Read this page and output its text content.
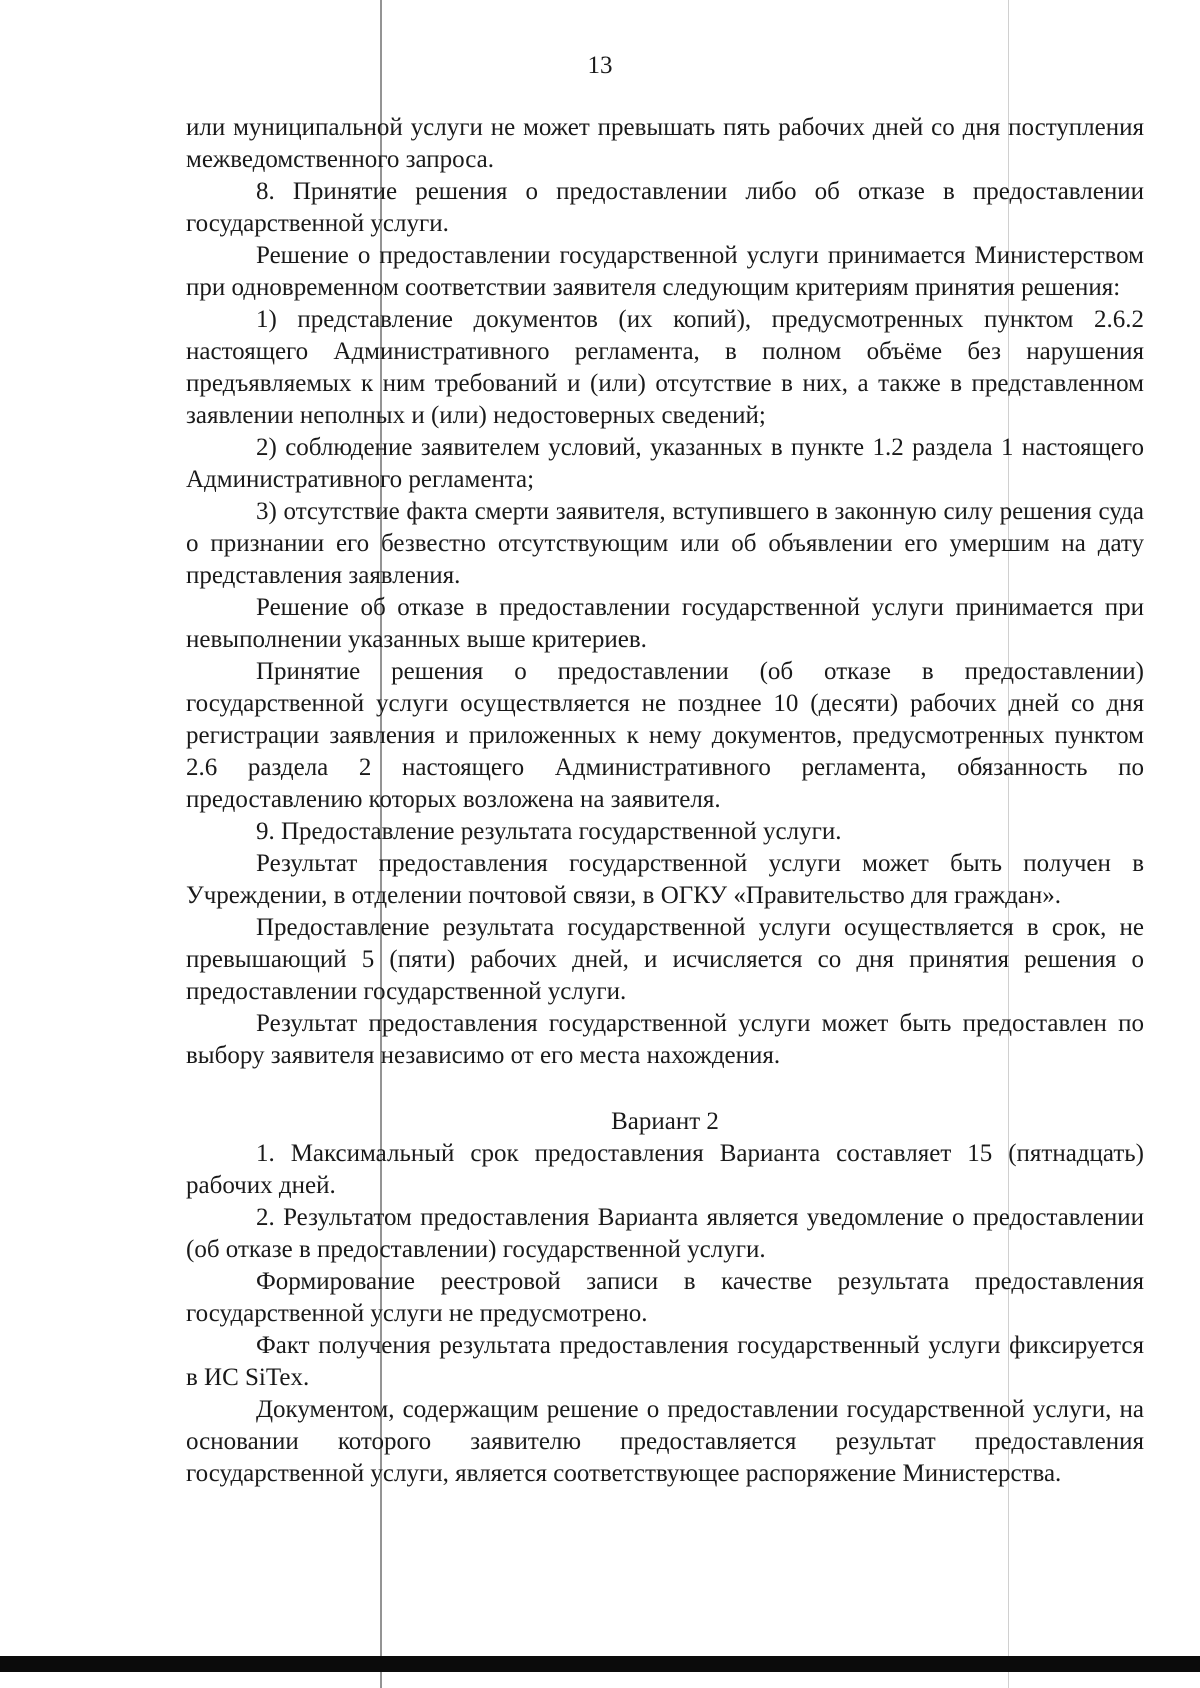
13

или муниципальной услуги не может превышать пять рабочих дней со дня поступления межведомственного запроса.

8. Принятие решения о предоставлении либо об отказе в предоставлении государственной услуги.

Решение о предоставлении государственной услуги принимается Министерством при одновременном соответствии заявителя следующим критериям принятия решения:

1) представление документов (их копий), предусмотренных пунктом 2.6.2 настоящего Административного регламента, в полном объёме без нарушения предъявляемых к ним требований и (или) отсутствие в них, а также в представленном заявлении неполных и (или) недостоверных сведений;

2) соблюдение заявителем условий, указанных в пункте 1.2 раздела 1 настоящего Административного регламента;

3) отсутствие факта смерти заявителя, вступившего в законную силу решения суда о признании его безвестно отсутствующим или об объявлении его умершим на дату представления заявления.

Решение об отказе в предоставлении государственной услуги принимается при невыполнении указанных выше критериев.

Принятие решения о предоставлении (об отказе в предоставлении) государственной услуги осуществляется не позднее 10 (десяти) рабочих дней со дня регистрации заявления и приложенных к нему документов, предусмотренных пунктом 2.6 раздела 2 настоящего Административного регламента, обязанность по предоставлению которых возложена на заявителя.

9. Предоставление результата государственной услуги.

Результат предоставления государственной услуги может быть получен в Учреждении, в отделении почтовой связи, в ОГКУ «Правительство для граждан».

Предоставление результата государственной услуги осуществляется в срок, не превышающий 5 (пяти) рабочих дней, и исчисляется со дня принятия решения о предоставлении государственной услуги.

Результат предоставления государственной услуги может быть предоставлен по выбору заявителя независимо от его места нахождения.

Вариант 2

1. Максимальный срок предоставления Варианта составляет 15 (пятнадцать) рабочих дней.

2. Результатом предоставления Варианта является уведомление о предоставлении (об отказе в предоставлении) государственной услуги.

Формирование реестровой записи в качестве результата предоставления государственной услуги не предусмотрено.

Факт получения результата предоставления государственный услуги фиксируется в ИС SiTex.

Документом, содержащим решение о предоставлении государственной услуги, на основании которого заявителю предоставляется результат предоставления государственной услуги, является соответствующее распоряжение Министерства.
